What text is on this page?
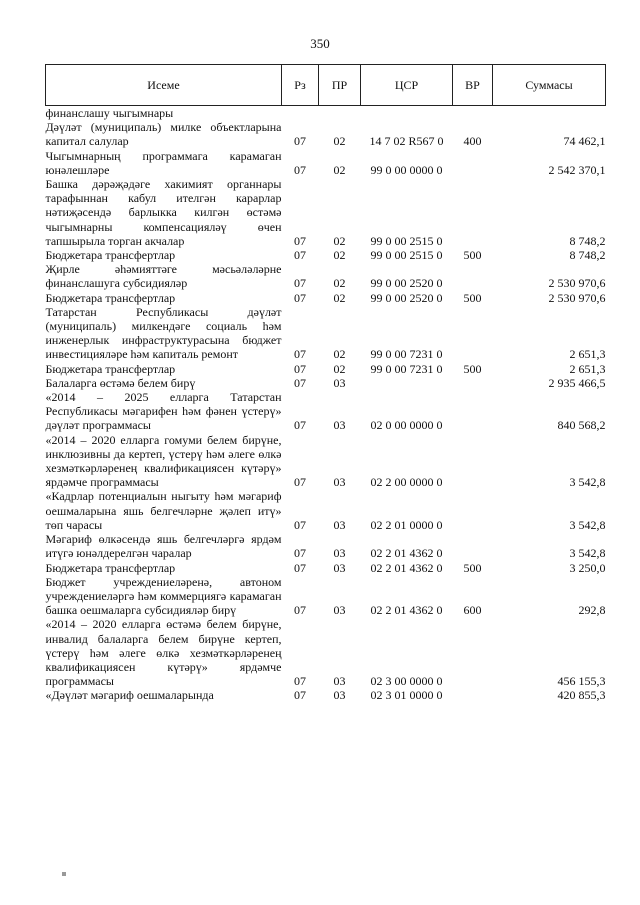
350
Исеме	Рз	ПР	ЦСР	ВР	Суммасы
финанслашу чыгымнары					
Дәүләт (муниципаль) милке объектларына капитал салулар	07	02	14 7 02 R567 0	400	74 462,1
Чыгымнарның программага карамаган юнәлешләре	07	02	99 0 00 0000 0		2 542 370,1
Башка дәрәҗәдәге хакимият органнары тарафыннан кабул ителгән карарлар нәтиҗәсендә барлыкка килгән өстәмә чыгымнарны компенсацияләү өчен тапшырыла торган акчалар	07	02	99 0 00 2515 0		8 748,2
Бюджетара трансфертлар	07	02	99 0 00 2515 0	500	8 748,2
Җирле әһәмияттәге мәсьәләләрне финанслашуга субсидияләр	07	02	99 0 00 2520 0		2 530 970,6
Бюджетара трансфертлар	07	02	99 0 00 2520 0	500	2 530 970,6
Татарстан Республикасы дәүләт (муниципаль) милкендәге социаль һәм инженерлык инфраструктурасына бюджет инвестицияләре һәм капиталь ремонт	07	02	99 0 00 7231 0		2 651,3
Бюджетара трансфертлар	07	02	99 0 00 7231 0	500	2 651,3
Балаларга өстәмә белем бирү	07	03			2 935 466,5
«2014 – 2025 елларга Татарстан Республикасы мәгарифен һәм фәнен үстерү» дәүләт программасы	07	03	02 0 00 0000 0		840 568,2
«2014 – 2020 елларга гомуми белем бирүне, инклюзивны да кертеп, үстерү һәм әлеге өлкә хезмәткәрләренең квалификациясен күтәрү» ярдәмче программасы	07	03	02 2 00 0000 0		3 542,8
«Кадрлар потенциалын ныгыту һәм мәгариф оешмаларына яшь белгечләрне җәлеп итү» төп чарасы	07	03	02 2 01 0000 0		3 542,8
Мәгариф өлкәсендә яшь белгечләргә ярдәм итүгә юнәлдерелгән чаралар	07	03	02 2 01 4362 0		3 542,8
Бюджетара трансфертлар	07	03	02 2 01 4362 0	500	3 250,0
Бюджет учреждениеләренә, автоном учреждениеләргә һәм коммерциягә карамаган башка оешмаларга субсидияләр бирү	07	03	02 2 01 4362 0	600	292,8
«2014 – 2020 елларга өстәмә белем бирүне, инвалид балаларга белем бирүне кертеп, үстерү һәм әлеге өлкә хезмәткәрләренең квалификациясен күтәрү» ярдәмче программасы	07	03	02 3 00 0000 0		456 155,3
«Дәүләт мәгариф оешмаларында	07	03	02 3 01 0000 0		420 855,3
